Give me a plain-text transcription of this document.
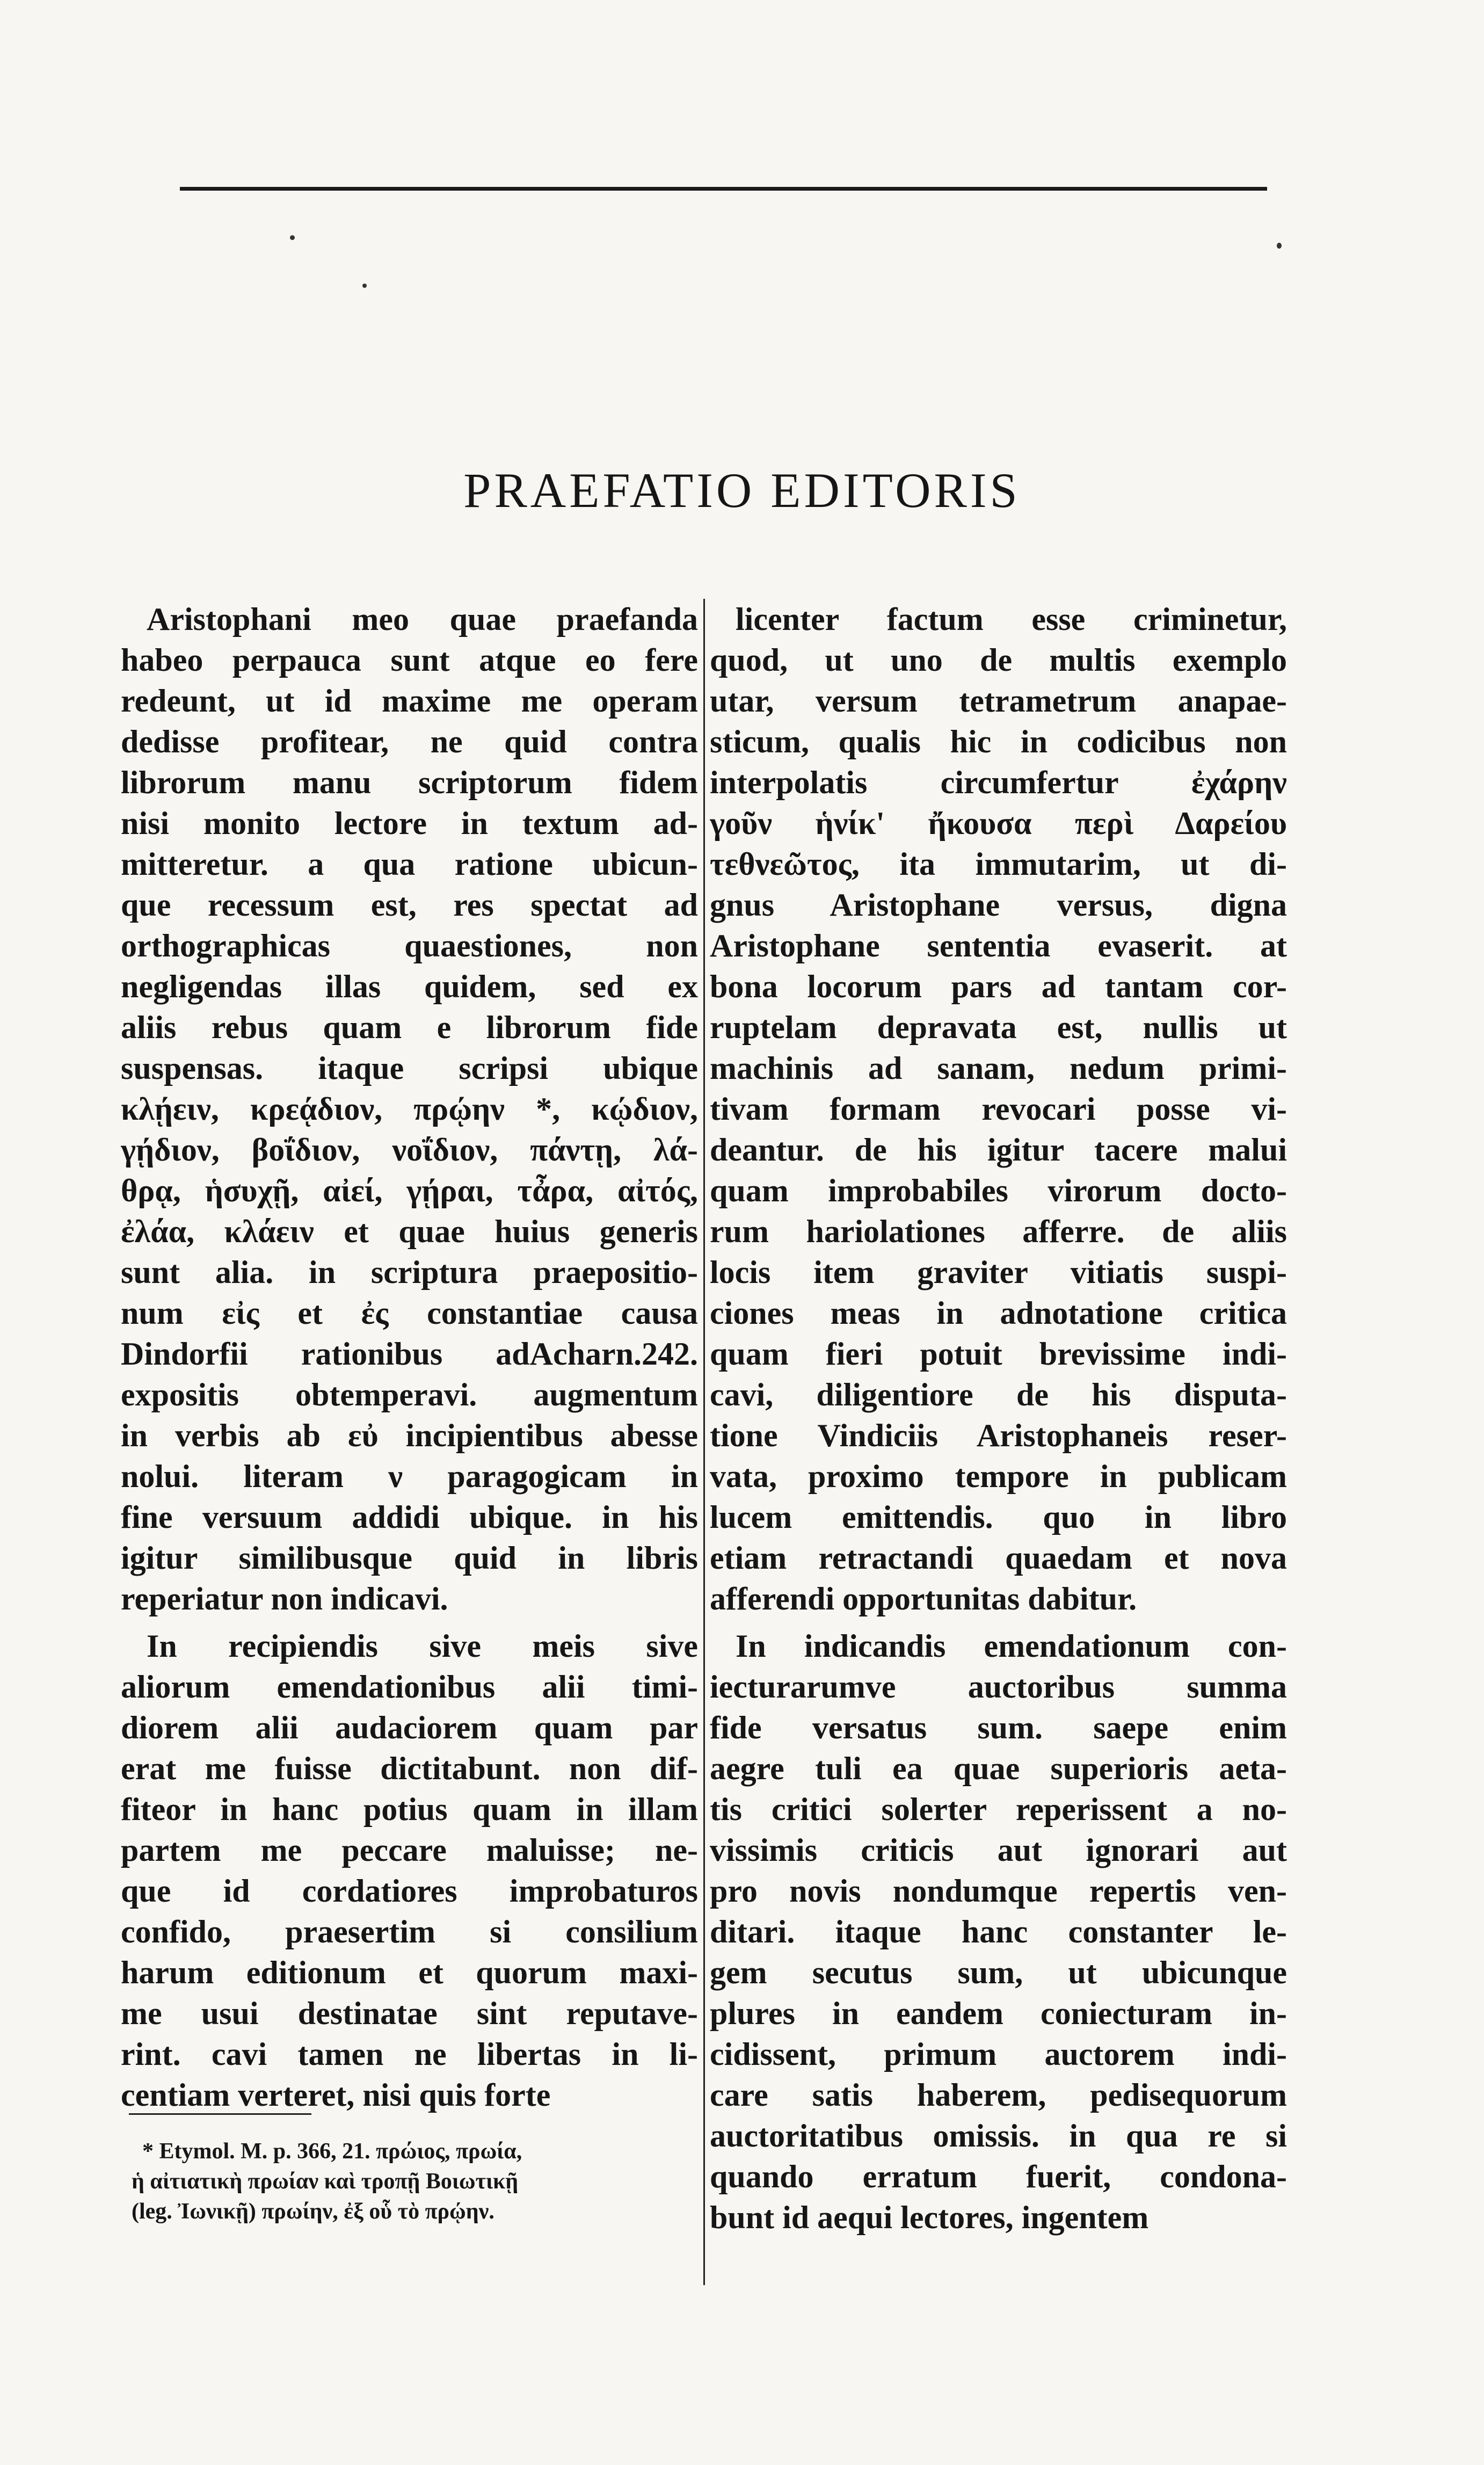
PRAEFATIO EDITORIS
Aristophani meo quae praefanda
habeo perpauca sunt atque eo fere
redeunt, ut id maxime me operam
dedisse profitear, ne quid contra
librorum manu scriptorum fidem
nisi monito lectore in textum ad-
mitteretur. a qua ratione ubicun-
que recessum est, res spectat ad
orthographicas quaestiones, non
negligendas illas quidem, sed ex
aliis rebus quam e librorum fide
suspensas. itaque scripsi ubique
κλῄειν, κρεᾴδιον, πρῴην *, κῴδιον,
γῄδιον, βοΐδιον, νοΐδιον, πάντῃ, λά-
θρᾳ, ἡσυχῇ, αἰεί, γῄραι, τἆρα, αἰτός,
ἐλάα, κλάειν et quae huius generis
sunt alia. in scriptura praepositio-
num εἰς et ἐς constantiae causa
Dindorfii rationibus adAcharn.242.
expositis obtemperavi. augmentum
in verbis ab εὐ incipientibus abesse
nolui. literam ν paragogicam in
fine versuum addidi ubique. in his
igitur similibusque quid in libris
reperiatur non indicavi.
In recipiendis sive meis sive
aliorum emendationibus alii timi-
diorem alii audaciorem quam par
erat me fuisse dictitabunt. non dif-
fiteor in hanc potius quam in illam
partem me peccare maluisse; ne-
que id cordatiores improbaturos
confido, praesertim si consilium
harum editionum et quorum maxi-
me usui destinatae sint reputave-
rint. cavi tamen ne libertas in li-
centiam verteret, nisi quis forte
licenter factum esse criminetur,
quod, ut uno de multis exemplo
utar, versum tetrametrum anapae-
sticum, qualis hic in codicibus non
interpolatis circumfertur ἐχάρην
γοῦν ἡνίκ' ἤκουσα περὶ Δαρείου
τεθνεῶτος, ita immutarim, ut di-
gnus Aristophane versus, digna
Aristophane sententia evaserit. at
bona locorum pars ad tantam cor-
ruptelam depravata est, nullis ut
machinis ad sanam, nedum primi-
tivam formam revocari posse vi-
deantur. de his igitur tacere malui
quam improbabiles virorum docto-
rum hariolationes afferre. de aliis
locis item graviter vitiatis suspi-
ciones meas in adnotatione critica
quam fieri potuit brevissime indi-
cavi, diligentiore de his disputa-
tione Vindiciis Aristophaneis reser-
vata, proximo tempore in publicam
lucem emittendis. quo in libro
etiam retractandi quaedam et nova
afferendi opportunitas dabitur.
In indicandis emendationum con-
iecturarumve auctoribus summa
fide versatus sum. saepe enim
aegre tuli ea quae superioris aeta-
tis critici solerter reperissent a no-
vissimis criticis aut ignorari aut
pro novis nondumque repertis ven-
ditari. itaque hanc constanter le-
gem secutus sum, ut ubicunque
plures in eandem coniecturam in-
cidissent, primum auctorem indi-
care satis haberem, pedisequorum
auctoritatibus omissis. in qua re si
quando erratum fuerit, condona-
bunt id aequi lectores, ingentem
* Etymol. M. p. 366, 21. πρώιος, πρωία,
ἡ αἰτιατικὴ πρωίαν καὶ τροπῇ Βοιωτικῇ
(leg. Ἰωνικῇ) πρωίην, ἐξ οὗ τὸ πρῴην.
